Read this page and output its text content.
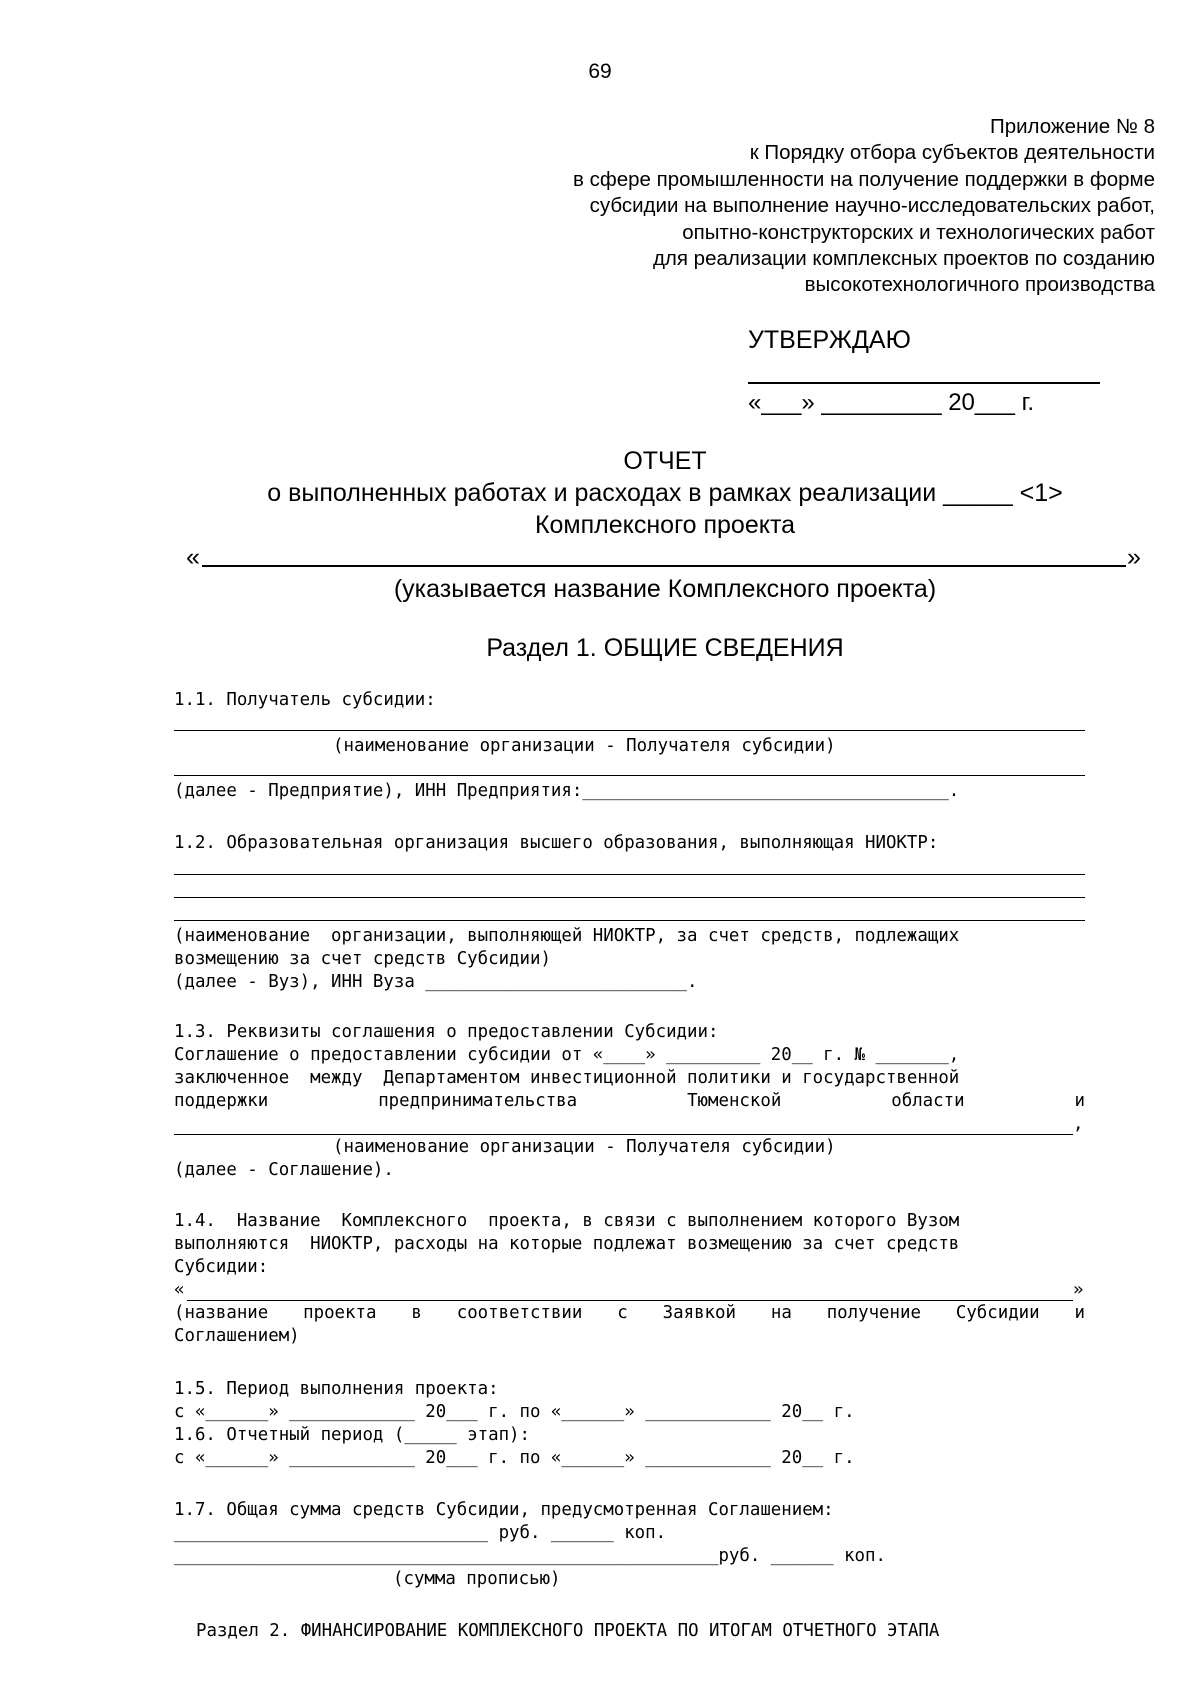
69
Приложение № 8
к Порядку отбора субъектов деятельности
в сфере промышленности на получение поддержки в форме
субсидии на выполнение научно-исследовательских работ,
опытно-конструкторских и технологических работ
для реализации комплексных проектов по созданию
высокотехнологичного производства
УТВЕРЖДАЮ
«___» _________ 20___ г.
ОТЧЕТ
о выполненных работах и расходах в рамках реализации _____ <1>
Комплексного проекта
«	»
(указывается название Комплексного проекта)
Раздел 1. ОБЩИЕ СВЕДЕНИЯ
1.1. Получатель субсидии:
(наименование организации - Получателя субсидии)
(далее - Предприятие), ИНН Предприятия:___________________________________.
1.2. Образовательная организация высшего образования, выполняющая НИОКТР:
(наименование  организации, выполняющей НИОКТР, за счет средств, подлежащих
возмещению за счет средств Субсидии)
(далее - Вуз), ИНН Вуза _________________________.
1.3. Реквизиты соглашения о предоставлении Субсидии:
Соглашение о предоставлении субсидии от «____» _________ 20__ г. № _______,
заключенное  между  Департаментом инвестиционной политики и государственной
поддержки предпринимательства Тюменской области и
,
(наименование организации - Получателя субсидии)
(далее - Соглашение).
1.4.  Название  Комплексного  проекта, в связи с выполнением которого Вузом
выполняются  НИОКТР, расходы на которые подлежат возмещению за счет средств
Субсидии:
«	»
(название проекта в соответствии с Заявкой на получение Субсидии и
Соглашением)
1.5. Период выполнения проекта:
с «______» ____________ 20___ г. по «______» ____________ 20__ г.
1.6. Отчетный период (_____ этап):
с «______» ____________ 20___ г. по «______» ____________ 20__ г.
1.7. Общая сумма средств Субсидии, предусмотренная Соглашением:
______________________________ руб. ______ коп.
____________________________________________________руб. ______ коп.
(сумма прописью)
Раздел 2. ФИНАНСИРОВАНИЕ КОМПЛЕКСНОГО ПРОЕКТА ПО ИТОГАМ ОТЧЕТНОГО ЭТАПА
